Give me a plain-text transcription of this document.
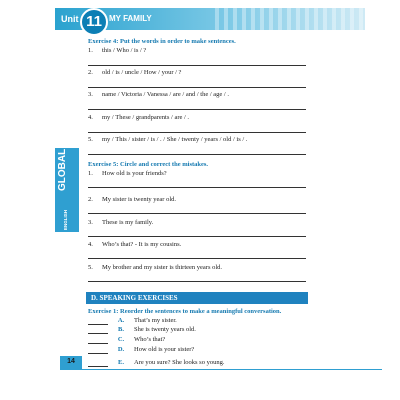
Unit 11 MY FAMILY
Exercise 4: Put the words in order to make sentences.
1. this / Who / is / ?
2. old / is / uncle / How / your / ?
3. name / Victoria / Vanessa / are / and / the / age / .
4. my / These / grandparents / are / .
5. my / This / sister / is / . / She / twenty / years / old / is / .
GLOBAL
ENGLISH
Exercise 5: Circle and correct the mistakes.
1. How old is your friends?
2. My sister is twenty year old.
3. These is my family.
4. Who’s that? - It is my cousins.
5. My brother and my sister is thirteen years old.
D. SPEAKING EXERCISES
Exercise 1: Reorder the sentences to make a meaningful conversation.
A. That’s my sister.
B. She is twenty years old.
C. Who’s that?
D. How old is your sister?
E. Are you sure? She looks so young.
14
